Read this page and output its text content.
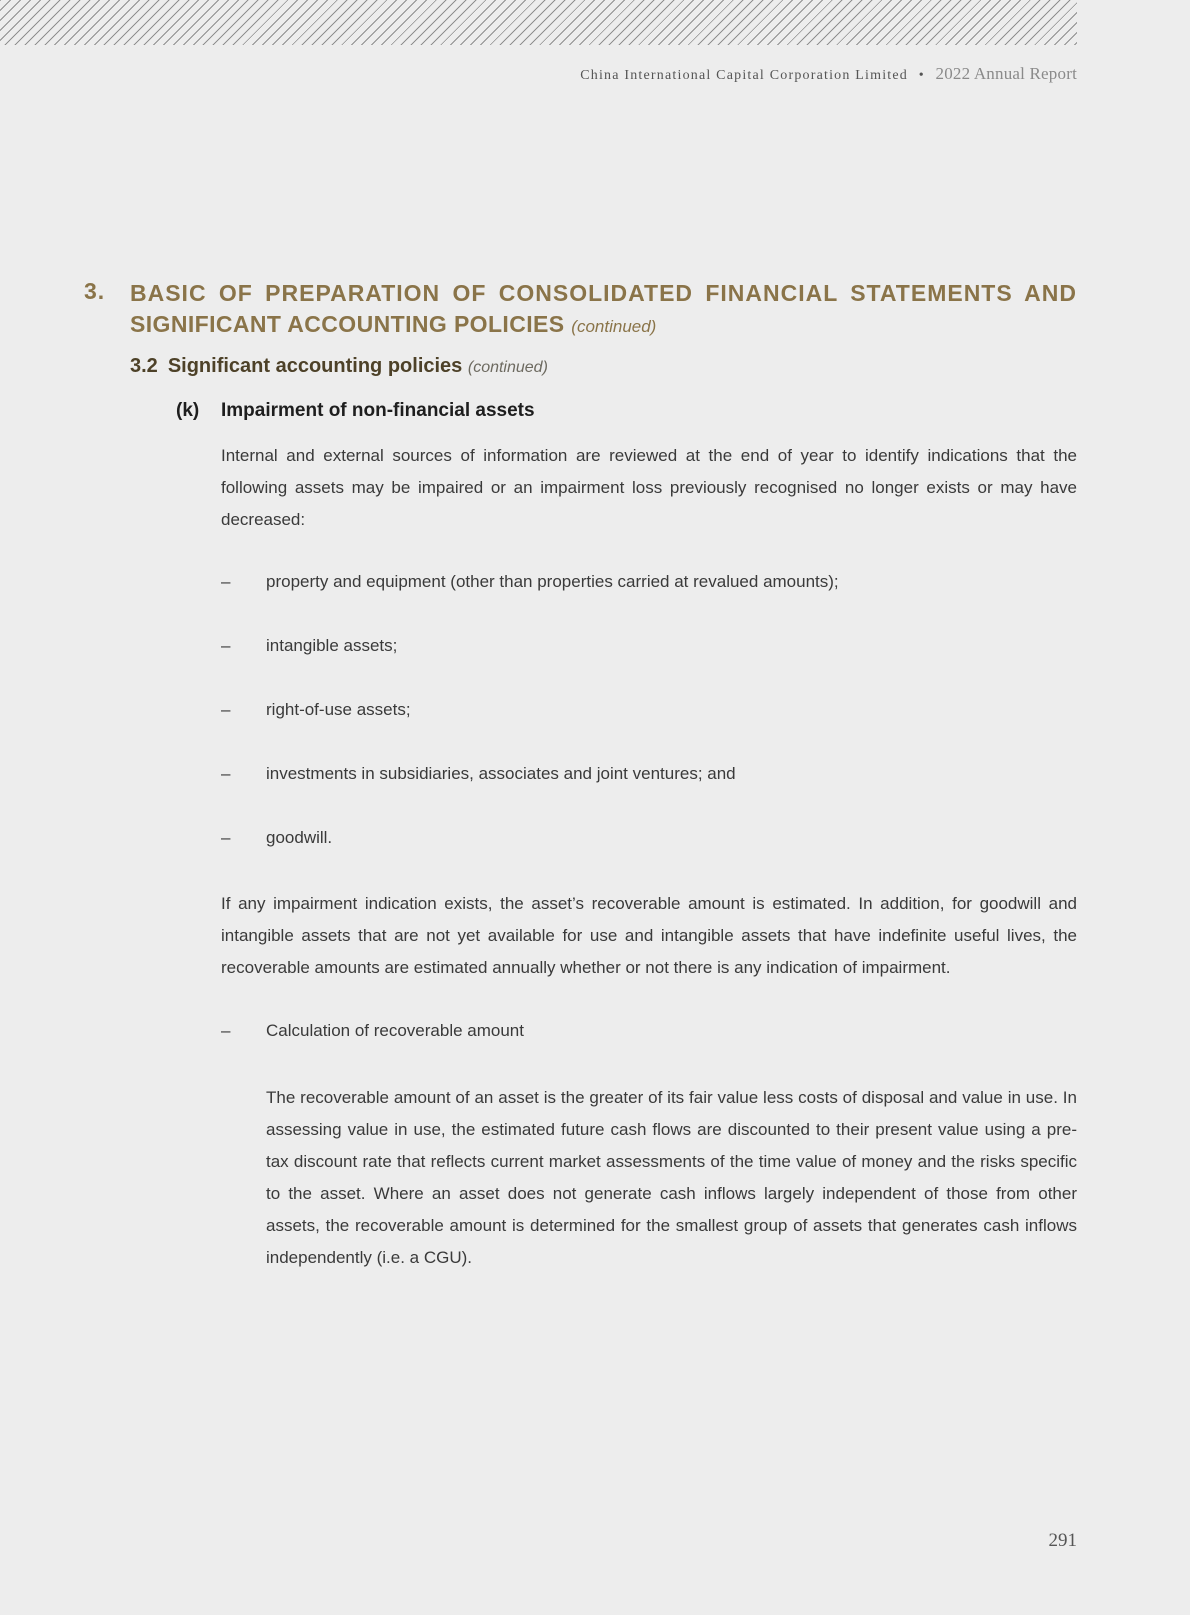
China International Capital Corporation Limited • 2022 Annual Report
3. BASIC OF PREPARATION OF CONSOLIDATED FINANCIAL STATEMENTS AND
SIGNIFICANT ACCOUNTING POLICIES (continued)
3.2 Significant accounting policies (continued)
(k) Impairment of non-financial assets

Internal and external sources of information are reviewed at the end of year to identify indications that the following assets may be impaired or an impairment loss previously recognised no longer exists or may have decreased:

– property and equipment (other than properties carried at revalued amounts);
– intangible assets;
– right-of-use assets;
– investments in subsidiaries, associates and joint ventures; and
– goodwill.

If any impairment indication exists, the asset’s recoverable amount is estimated. In addition, for goodwill and intangible assets that are not yet available for use and intangible assets that have indefinite useful lives, the recoverable amounts are estimated annually whether or not there is any indication of impairment.

– Calculation of recoverable amount

The recoverable amount of an asset is the greater of its fair value less costs of disposal and value in use. In assessing value in use, the estimated future cash flows are discounted to their present value using a pre-tax discount rate that reflects current market assessments of the time value of money and the risks specific to the asset. Where an asset does not generate cash inflows largely independent of those from other assets, the recoverable amount is determined for the smallest group of assets that generates cash inflows independently (i.e. a CGU).

291
